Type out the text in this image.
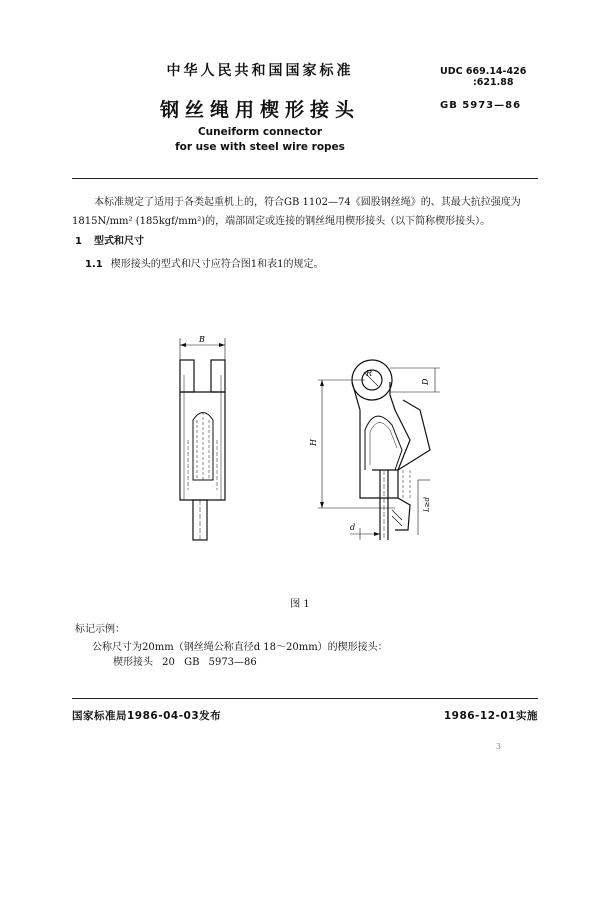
中华人民共和国国家标准	UDC 669.14-426
:621.88
GB 5973—86
钢丝绳用楔形接头
Cuneiform connector
for use with steel wire ropes
本标准规定了适用于各类起重机上的，符合GB 1102—74《圆股钢丝绳》的、其最大抗拉强度为
1815N/mm² (185kgf/mm²)的，端部固定或连接的钢丝绳用楔形接头（以下简称楔形接头）。
1 型式和尺寸
1.1 楔形接头的型式和尺寸应符合图1和表1的规定。
B
R
D
H
d
L≥d
图 1
标记示例：
公称尺寸为20mm（钢丝绳公称直径d 18～20mm）的楔形接头：
楔形接头 20 GB 5973—86
国家标准局1986-04-03发布	1986-12-01实施
3
